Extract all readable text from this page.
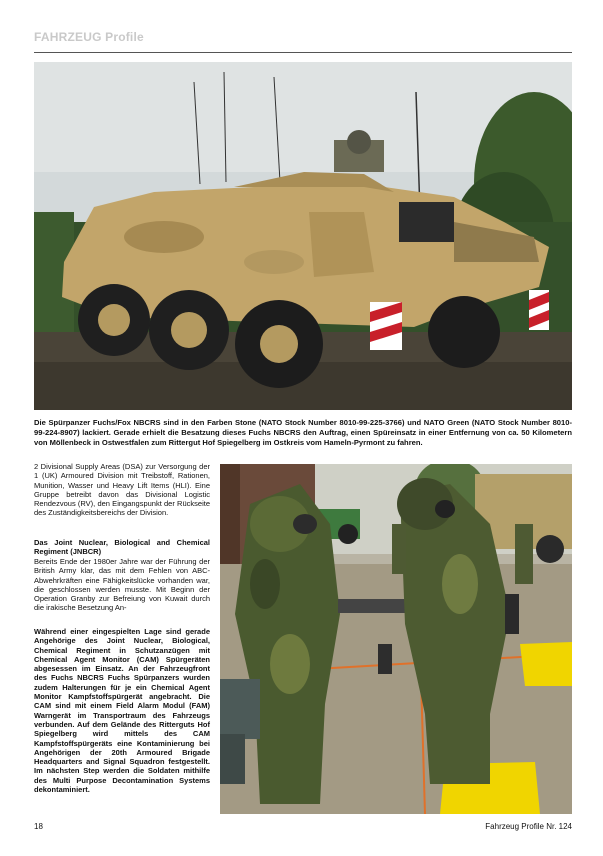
FAHRZEUG Profile
Die Spürpanzer Fuchs/Fox NBCRS sind in den Farben Stone (NATO Stock Number 8010-99-225-3766) und NATO Green (NATO Stock Number 8010-99-224-8907) lackiert. Gerade erhielt die Besatzung dieses Fuchs NBCRS den Auftrag, einen Spüreinsatz in einer Entfernung von ca. 50 Kilometern von Möllenbeck in Ostwestfalen zum Rittergut Hof Spiegelberg im Ostkreis vom Hameln-Pyrmont zu fahren.
2 Divisional Supply Areas (DSA) zur Versorgung der 1 (UK) Armoured Division mit Treibstoff, Rationen, Munition, Wasser und Heavy Lift Items (HLI). Eine Gruppe betreibt davon das Divisional Logistic Rendezvous (RV), den Eingangspunkt der Rückseite des Zuständigkeitsbereichs der Division.
Das Joint Nuclear, Biological and Chemical Regiment (JNBCR)
Bereits Ende der 1980er Jahre war der Führung der British Army klar, das mit dem Fehlen von ABC-Abwehrkräften eine Fähigkeitslücke vorhanden war, die geschlossen werden musste. Mit Beginn der Operation Granby zur Befreiung von Kuwait durch die irakische Besetzung An-
Während einer eingespielten Lage sind gerade Angehörige des Joint Nuclear, Biological, Chemical Regiment in Schutzanzügen mit Chemical Agent Monitor (CAM) Spürgeräten abgesessen im Einsatz. An der Fahrzeugfront des Fuchs NBCRS Fuchs Spürpanzers wurden zudem Halterungen für je ein Chemical Agent Monitor Kampfstoffspürgerät angebracht. Die CAM sind mit einem Field Alarm Modul (FAM) Warngerät im Transportraum des Fahrzeugs verbunden. Auf dem Gelände des Ritterguts Hof Spiegelberg wird mittels des CAM Kampfstoffspürgeräts eine Kontaminierung bei Angehörigen der 20th Armoured Brigade Headquarters and Signal Squadron festgestellt. Im nächsten Step werden die Soldaten mithilfe des Multi Purpose Decontamination Systems dekontaminiert.
18	Fahrzeug Profile Nr. 124
